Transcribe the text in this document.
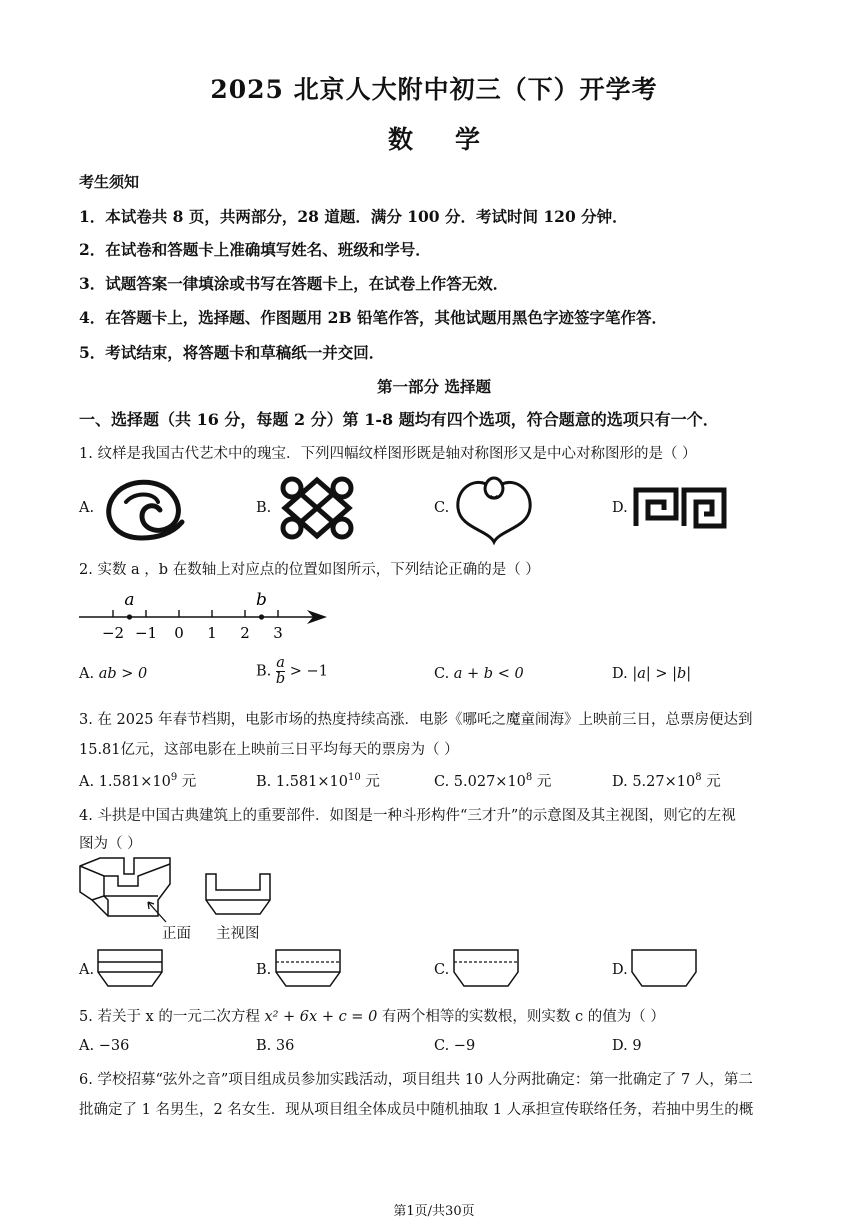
2025 北京人大附中初三（下）开学考
数学
考生须知
1．本试卷共 8 页，共两部分，28 道题．满分 100 分．考试时间 120 分钟．
2．在试卷和答题卡上准确填写姓名、班级和学号．
3．试题答案一律填涂或书写在答题卡上，在试卷上作答无效．
4．在答题卡上，选择题、作图题用 2B 铅笔作答，其他试题用黑色字迹签字笔作答．
5．考试结束，将答题卡和草稿纸一并交回．
第一部分 选择题
一、选择题（共 16 分，每题 2 分）第 1-8 题均有四个选项，符合题意的选项只有一个．
1. 纹样是我国古代艺术中的瑰宝．下列四幅纹样图形既是轴对称图形又是中心对称图形的是（ ）
A.	B.	C.	D.
2. 实数 a ，b 在数轴上对应点的位置如图所示，下列结论正确的是（ ）
−2 −1 0 1 2 3
a	b
A. ab > 0	B. $\frac{a}{b} > -1$	C. a + b < 0	D. |a| > |b|
3. 在 2025 年春节档期，电影市场的热度持续高涨．电影《哪吒之魔童闹海》上映前三日，总票房便达到
15.81亿元，这部电影在上映前三日平均每天的票房为（ ）
A. $1.581\times 10^9$ 元	B. $1.581\times 10^{10}$ 元	C. $5.027\times 10^8$ 元	D. $5.27\times 10^8$ 元
4. 斗拱是中国古典建筑上的重要部件．如图是一种斗形构件“三才升”的示意图及其主视图，则它的左视
图为（ ）
正面 主视图
A.	B.	C.	D.
5. 若关于 x 的一元二次方程 x² + 6x + c = 0 有两个相等的实数根，则实数 c 的值为（ ）
A. −36	B. 36	C. −9	D. 9
6. 学校招募“弦外之音”项目组成员参加实践活动，项目组共 10 人分两批确定：第一批确定了 7 人，第二
批确定了 1 名男生，2 名女生．现从项目组全体成员中随机抽取 1 人承担宣传联络任务，若抽中男生的概
第1页/共30页
